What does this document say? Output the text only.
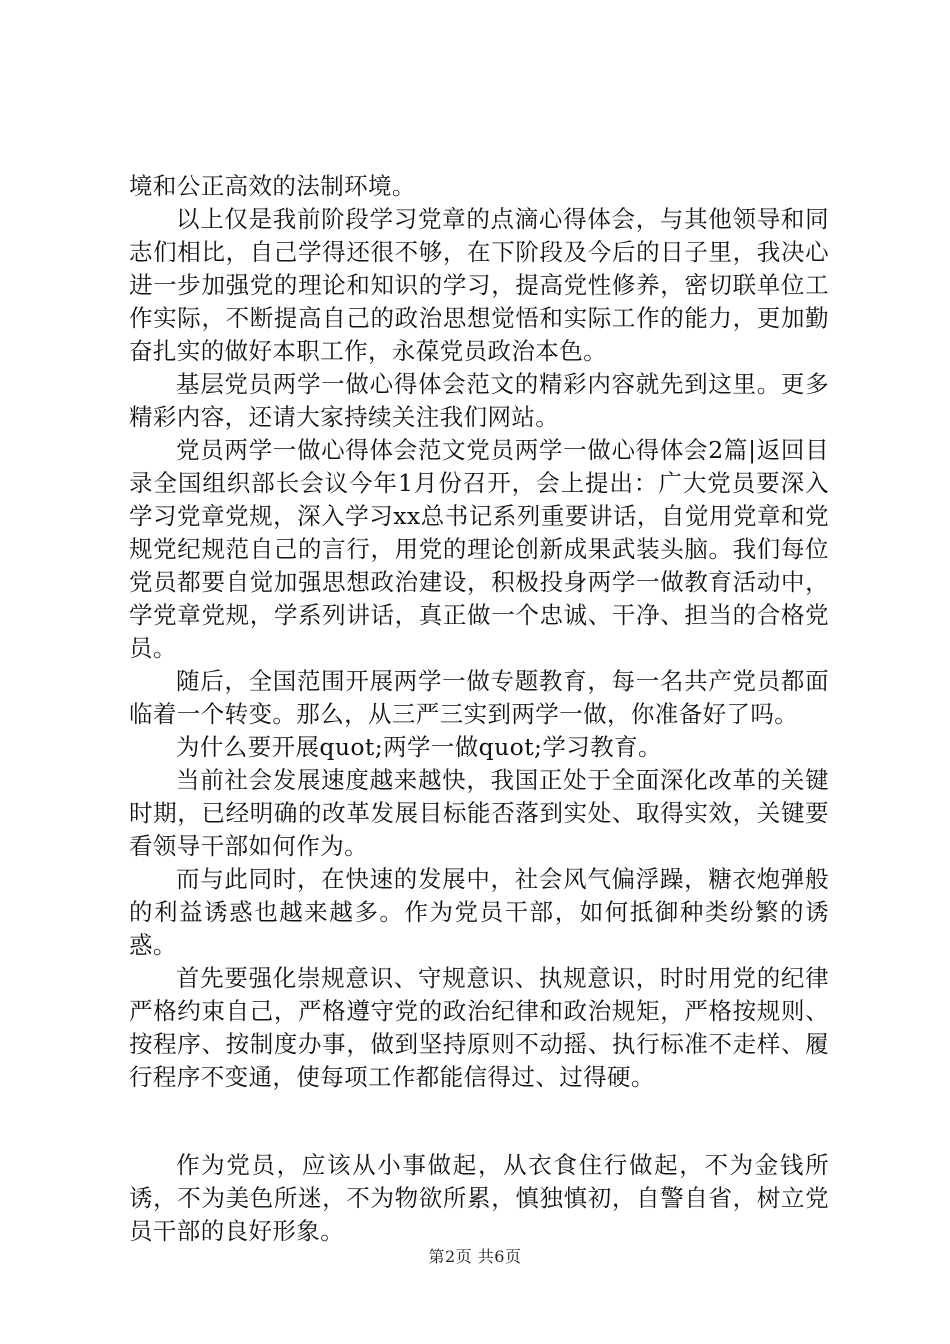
境和公正高效的法制环境。

以上仅是我前阶段学习党章的点滴心得体会，与其他领导和同志们相比，自己学得还很不够，在下阶段及今后的日子里，我决心进一步加强党的理论和知识的学习，提高党性修养，密切联单位工作实际，不断提高自己的政治思想觉悟和实际工作的能力，更加勤奋扎实的做好本职工作，永葆党员政治本色。

基层党员两学一做心得体会范文的精彩内容就先到这里。更多精彩内容，还请大家持续关注我们网站。

党员两学一做心得体会范文党员两学一做心得体会2篇|返回目录全国组织部长会议今年1月份召开，会上提出：广大党员要深入学习党章党规，深入学习xx总书记系列重要讲话，自觉用党章和党规党纪规范自己的言行，用党的理论创新成果武装头脑。我们每位党员都要自觉加强思想政治建设，积极投身两学一做教育活动中，学党章党规，学系列讲话，真正做一个忠诚、干净、担当的合格党员。

随后，全国范围开展两学一做专题教育，每一名共产党员都面临着一个转变。那么，从三严三实到两学一做，你准备好了吗。

为什么要开展quot;两学一做quot;学习教育。

当前社会发展速度越来越快，我国正处于全面深化改革的关键时期，已经明确的改革发展目标能否落到实处、取得实效，关键要看领导干部如何作为。

而与此同时，在快速的发展中，社会风气偏浮躁，糖衣炮弹般的利益诱惑也越来越多。作为党员干部，如何抵御种类纷繁的诱惑。

首先要强化崇规意识、守规意识、执规意识，时时用党的纪律严格约束自己，严格遵守党的政治纪律和政治规矩，严格按规则、按程序、按制度办事，做到坚持原则不动摇、执行标准不走样、履行程序不变通，使每项工作都能信得过、过得硬。

作为党员，应该从小事做起，从衣食住行做起，不为金钱所诱，不为美色所迷，不为物欲所累，慎独慎初，自警自省，树立党员干部的良好形象。

第2页 共6页
